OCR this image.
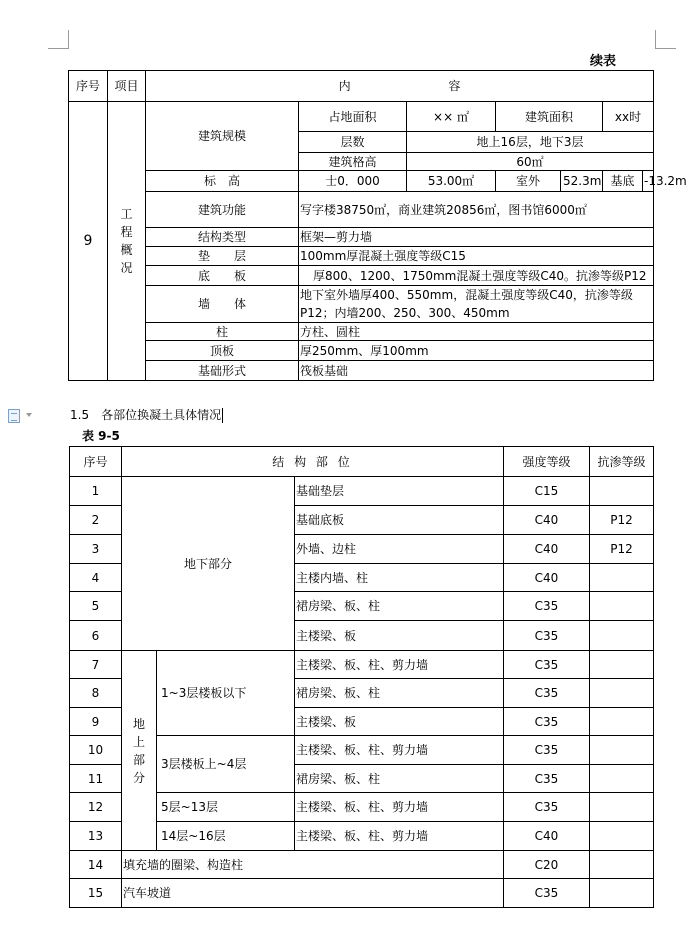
续表
序号	项目	内 容						
9	工程概况	建筑规模	占地面积	×× ㎡	建筑面积		xx时	
			层数	地上16层，地下3层				
			建筑格高	60㎡				
		标　高	士0．000	53.00㎡	室外	52.3m	基底	-13.2m
		建筑功能	写字楼38750㎡，商业建筑20856㎡，图书馆6000㎡					
		结构类型	框架—剪力墙					
		垫　　层	100mm厚混凝土强度等级C15					
		底　　板	厚800、1200、1750mm混凝土强度等级C40。抗渗等级P12					
		墙　　体	地下室外墙厚400、550mm，混凝土强度等级C40，抗渗等级
P12；内墙200、250、300、450mm					

		柱	方柱、圆柱					
		顶板	厚250mm、厚100mm					
		基础形式	筏板基础					
1.5　各部位换凝土具体情况
表 9-5
序号	结 构 部 位			强度等级	抗渗等级
1	地下部分		基础垫层	C15	
2			基础底板	C40	P12
3			外墙、边柱	C40	P12
4			主楼内墙、柱	C40	
5			裙房梁、板、柱	C35	
6			主楼梁、板	C35	
7	地上部分	1~3层楼板以下	主楼梁、板、柱、剪力墙	C35	
8			裙房梁、板、柱	C35	
9			主楼梁、板	C35	
10		3层楼板上~4层	主楼梁、板、柱、剪力墙	C35	
11			裙房梁、板、柱	C35	
12		5层~13层	主楼梁、板、柱、剪力墙	C35	
13		14层~16层	主楼梁、板、柱、剪力墙	C40	
14	填充墙的圈梁、构造柱			C20	
15	汽车坡道			C35	
